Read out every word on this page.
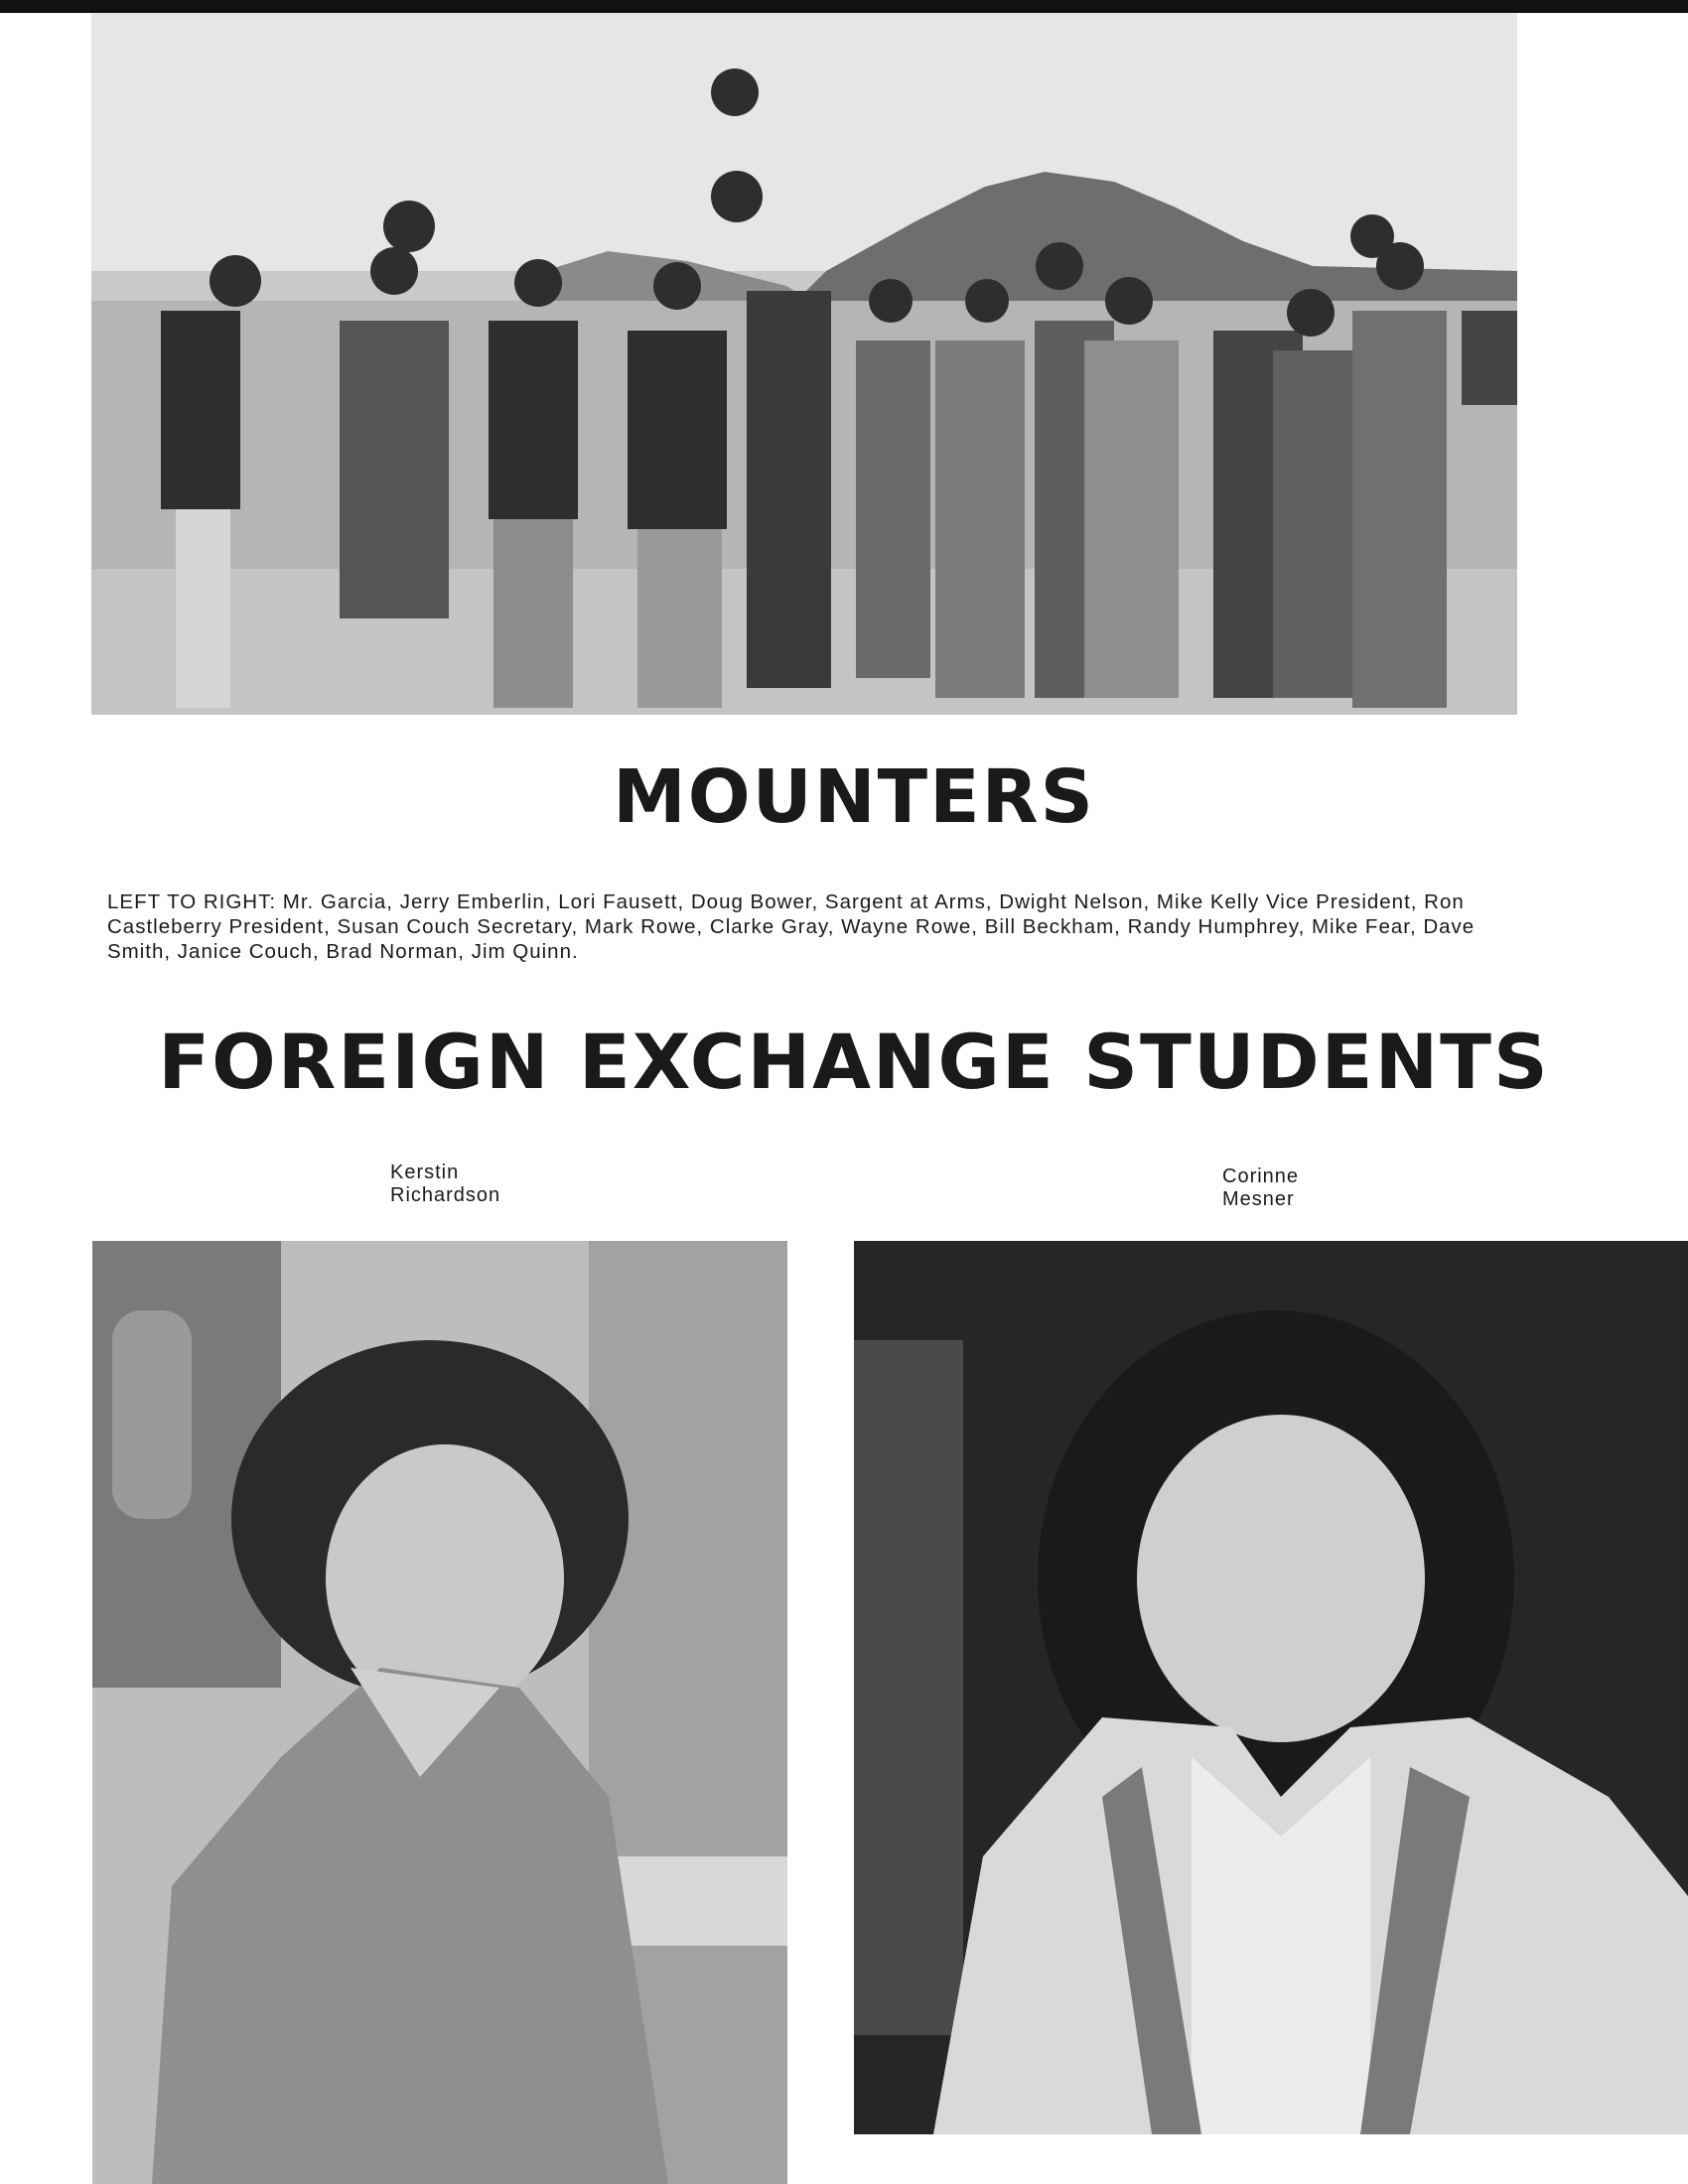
MOUNTERS

LEFT TO RIGHT: Mr. Garcia, Jerry Emberlin, Lori Fausett, Doug Bower, Sargent at Arms, Dwight Nelson, Mike Kelly Vice President, Ron Castleberry President, Susan Couch Secretary, Mark Rowe, Clarke Gray, Wayne Rowe, Bill Beckham, Randy Humphrey, Mike Fear, Dave Smith, Janice Couch, Brad Norman, Jim Quinn.

FOREIGN EXCHANGE STUDENTS
Kerstin
Richardson
Corinne
Mesner
